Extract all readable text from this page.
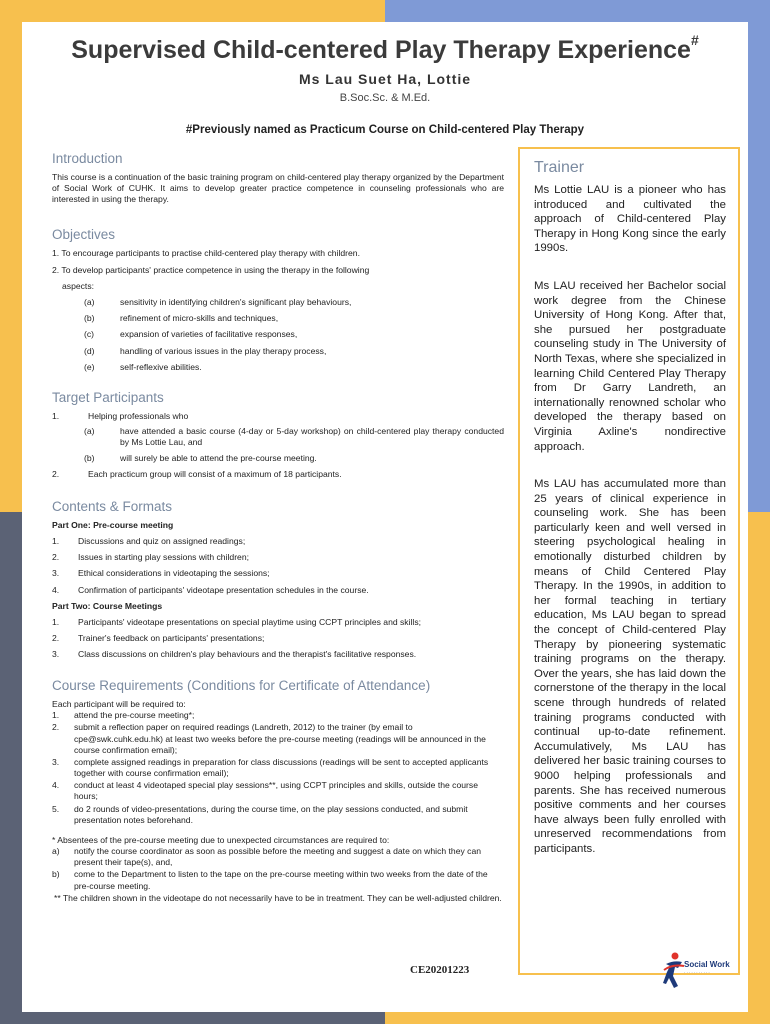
Supervised Child-centered Play Therapy Experience#
Ms Lau Suet Ha, Lottie
B.Soc.Sc. & M.Ed.
#Previously named as Practicum Course on Child-centered Play Therapy
Introduction

This course is a continuation of the basic training program on child-centered play therapy organized by the Department of Social Work of CUHK. It aims to develop greater practice competence in counseling professionals who are interested in using the therapy.

Objectives
1. To encourage participants to practise child-centered play therapy with children.
2. To develop participants' practice competence in using the therapy in the following
aspects:
(a)	sensitivity in identifying children's significant play behaviours,
(b)	refinement of micro-skills and techniques,
(c)	expansion of varieties of facilitative responses,
(d)	handling of various issues in the play therapy process,
(e)	self-reflexive abilities.
Target Participants
1.	Helping professionals who
(a)	have attended a basic course (4-day or 5-day workshop) on child-centered play therapy conducted by Ms Lottie Lau, and
(b)	will surely be able to attend the pre-course meeting.
2.	Each practicum group will consist of a maximum of 18 participants.
Contents & Formats
Part One: Pre-course meeting
1.	Discussions and quiz on assigned readings;
2.	Issues in starting play sessions with children;
3.	Ethical considerations in videotaping the sessions;
4.	Confirmation of participants' videotape presentation schedules in the course.
Part Two: Course Meetings
1.	Participants' videotape presentations on special playtime using CCPT principles and skills;
2.	Trainer's feedback on participants' presentations;
3.	Class discussions on children's play behaviours and the therapist's facilitative responses.
Course Requirements (Conditions for Certificate of Attendance)
Each participant will be required to:
1.	attend the pre-course meeting*;
2.	submit a reflection paper on required readings (Landreth, 2012) to the trainer (by email to cpe@swk.cuhk.edu.hk) at least two weeks before the pre-course meeting (readings will be announced in the course confirmation email);
3.	complete assigned readings in preparation for class discussions (readings will be sent to accepted applicants together with course confirmation email);
4.	conduct at least 4 videotaped special play sessions**, using CCPT principles and skills, outside the course hours;
5.	do 2 rounds of video-presentations, during the course time, on the play sessions conducted, and submit presentation notes beforehand.
* Absentees of the pre-course meeting due to unexpected circumstances are required to:
a)	notify the course coordinator as soon as possible before the meeting and suggest a date on which they can present their tape(s), and,
b)	come to the Department to listen to the tape on the pre-course meeting within two weeks from the date of the pre-course meeting.
** The children shown in the videotape do not necessarily have to be in treatment. They can be well-adjusted children.
Trainer

Ms Lottie LAU is a pioneer who has introduced and cultivated the approach of Child-centered Play Therapy in Hong Kong since the early 1990s.

Ms LAU received her Bachelor social work degree from the Chinese University of Hong Kong. After that, she pursued her postgraduate counseling study in The University of North Texas, where she specialized in learning Child Centered Play Therapy from Dr Garry Landreth, an internationally renowned scholar who developed the therapy based on Virginia Axline's nondirective approach.

Ms LAU has accumulated more than 25 years of clinical experience in counseling work. She has been particularly keen and well versed in steering psychological healing in emotionally disturbed children by means of Child Centered Play Therapy. In the 1990s, in addition to her formal teaching in tertiary education, Ms LAU began to spread the concept of Child-centered Play Therapy by pioneering systematic training programs on the therapy. Over the years, she has laid down the cornerstone of the therapy in the local scene through hundreds of related training programs conducted with continual up-to-date refinement. Accumulatively, Ms LAU has delivered her basic training courses to 9000 helping professionals and parents. She has received numerous positive comments and her courses have always been fully enrolled with unreserved recommendations from participants.

CE20201223	Social Work
· · · · · · · · · · ·
